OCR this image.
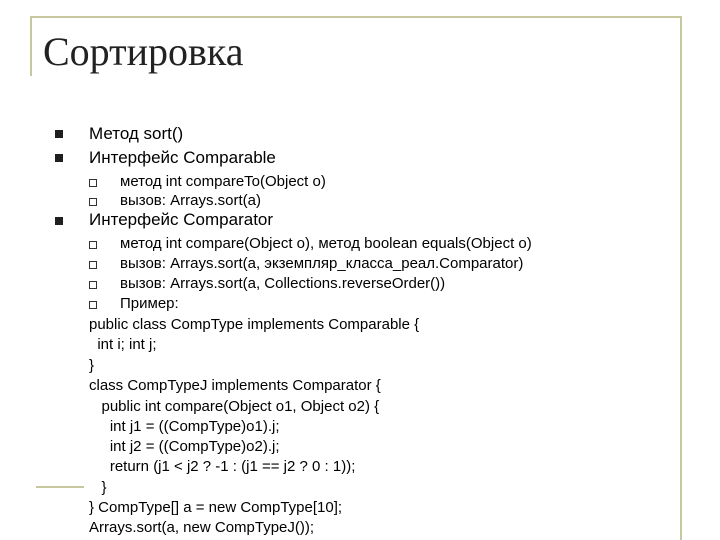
Сортировка
Метод sort()
Интерфейс Comparable
метод int compareTo(Object o)
вызов: Arrays.sort(a)
Интерфейс Comparator
метод int compare(Object o), метод boolean equals(Object o)
вызов: Arrays.sort(a, экземпляр_класса_реал.Comparator)
вызов: Arrays.sort(a, Collections.reverseOrder())
Пример:
public class CompType implements Comparable {
int i; int j;
}
class CompTypeJ implements Comparator {
public int compare(Object o1, Object o2) {
int j1 = ((CompType)o1).j;
int j2 = ((CompType)o2).j;
return (j1 < j2 ? -1 : (j1 == j2 ? 0 : 1));
}
} CompType[] a = new CompType[10];
Arrays.sort(a, new CompTypeJ());
